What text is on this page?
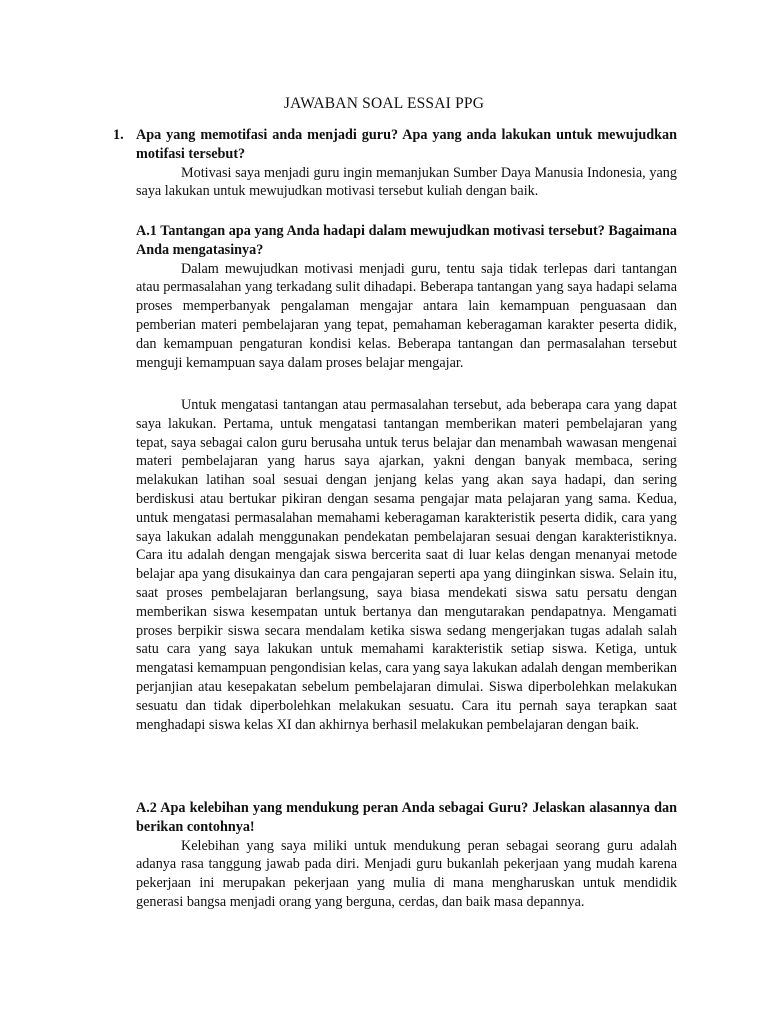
JAWABAN SOAL ESSAI PPG
1. Apa yang memotifasi anda menjadi guru? Apa yang anda lakukan untuk mewujudkan motifasi tersebut?

Motivasi saya menjadi guru ingin memanjukan Sumber Daya Manusia Indonesia, yang saya lakukan untuk mewujudkan motivasi tersebut kuliah dengan baik.

A.1 Tantangan apa yang Anda hadapi dalam mewujudkan motivasi tersebut? Bagaimana Anda mengatasinya?

Dalam mewujudkan motivasi menjadi guru, tentu saja tidak terlepas dari tantangan atau permasalahan yang terkadang sulit dihadapi. Beberapa tantangan yang saya hadapi selama proses memperbanyak pengalaman mengajar antara lain kemampuan penguasaan dan pemberian materi pembelajaran yang tepat, pemahaman keberagaman karakter peserta didik, dan kemampuan pengaturan kondisi kelas. Beberapa tantangan dan permasalahan tersebut menguji kemampuan saya dalam proses belajar mengajar.

Untuk mengatasi tantangan atau permasalahan tersebut, ada beberapa cara yang dapat saya lakukan. Pertama, untuk mengatasi tantangan memberikan materi pembelajaran yang tepat, saya sebagai calon guru berusaha untuk terus belajar dan menambah wawasan mengenai materi pembelajaran yang harus saya ajarkan, yakni dengan banyak membaca, sering melakukan latihan soal sesuai dengan jenjang kelas yang akan saya hadapi, dan sering berdiskusi atau bertukar pikiran dengan sesama pengajar mata pelajaran yang sama. Kedua, untuk mengatasi permasalahan memahami keberagaman karakteristik peserta didik, cara yang saya lakukan adalah menggunakan pendekatan pembelajaran sesuai dengan karakteristiknya. Cara itu adalah dengan mengajak siswa bercerita saat di luar kelas dengan menanyai metode belajar apa yang disukainya dan cara pengajaran seperti apa yang diinginkan siswa. Selain itu, saat proses pembelajaran berlangsung, saya biasa mendekati siswa satu persatu dengan memberikan siswa kesempatan untuk bertanya dan mengutarakan pendapatnya. Mengamati proses berpikir siswa secara mendalam ketika siswa sedang mengerjakan tugas adalah salah satu cara yang saya lakukan untuk memahami karakteristik setiap siswa. Ketiga, untuk mengatasi kemampuan pengondisian kelas, cara yang saya lakukan adalah dengan memberikan perjanjian atau kesepakatan sebelum pembelajaran dimulai. Siswa diperbolehkan melakukan sesuatu dan tidak diperbolehkan melakukan sesuatu. Cara itu pernah saya terapkan saat menghadapi siswa kelas XI dan akhirnya berhasil melakukan pembelajaran dengan baik.

A.2 Apa kelebihan yang mendukung peran Anda sebagai Guru? Jelaskan alasannya dan berikan contohnya!

Kelebihan yang saya miliki untuk mendukung peran sebagai seorang guru adalah adanya rasa tanggung jawab pada diri. Menjadi guru bukanlah pekerjaan yang mudah karena pekerjaan ini merupakan pekerjaan yang mulia di mana mengharuskan untuk mendidik generasi bangsa menjadi orang yang berguna, cerdas, dan baik masa depannya.
